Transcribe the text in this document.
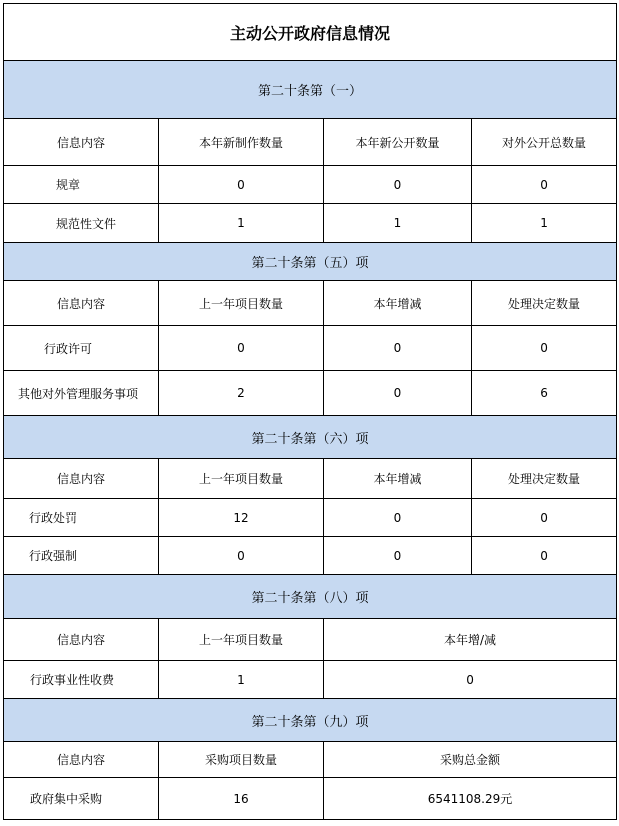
主动公开政府信息情况			
第二十条第（一）			
信息内容	本年新制作数量	本年新公开数量	对外公开总数量
规章	0	0	0
规范性文件	1	1	1
第二十条第（五）项			
信息内容	上一年项目数量	本年增减	处理决定数量
行政许可	0	0	0
其他对外管理服务事项	2	0	6
第二十条第（六）项			
信息内容	上一年项目数量	本年增减	处理决定数量
行政处罚	12	0	0
行政强制	0	0	0
第二十条第（八）项			
信息内容	上一年项目数量	本年增/减	
行政事业性收费	1	0	
第二十条第（九）项			
信息内容	采购项目数量	采购总金额	
政府集中采购	16	6541108.29元	
